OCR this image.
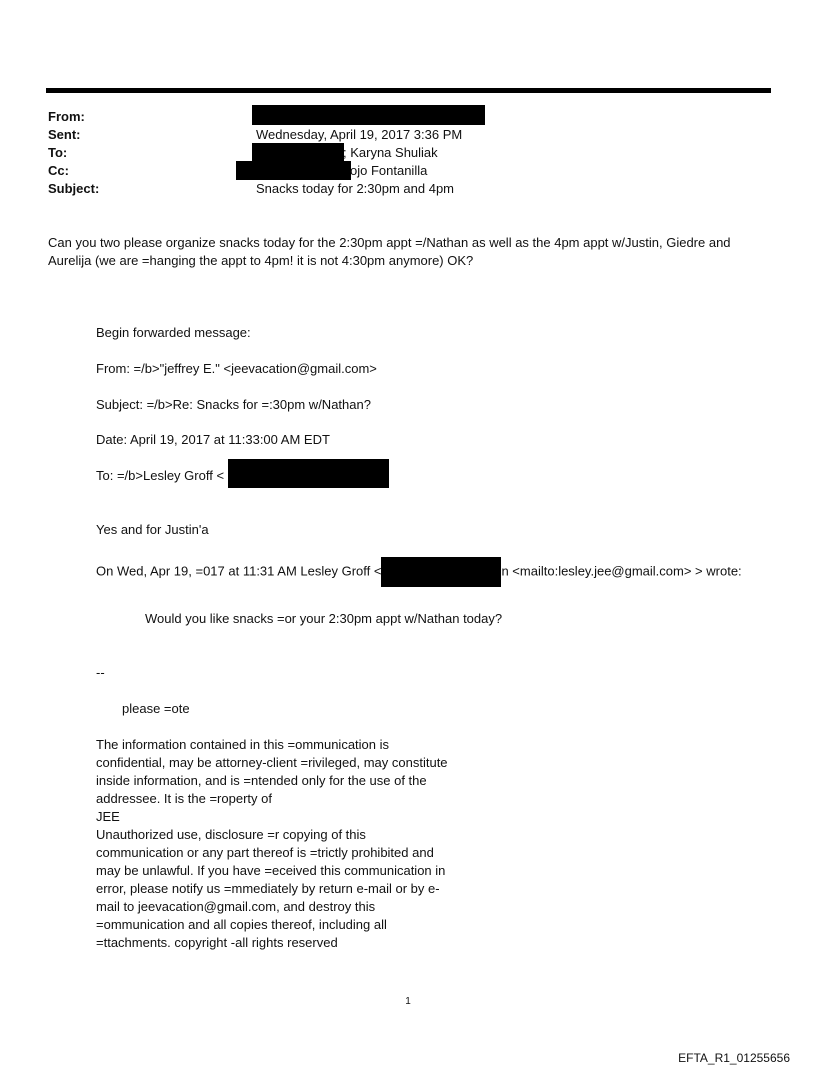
From:
Sent:	Wednesday, April 19, 2017 3:36 PM
To:	; Karyna Shuliak
Cc:	ojo Fontanilla
Subject:	Snacks today for 2:30pm and 4pm
Can you two please organize snacks today for the 2:30pm appt =/Nathan as well as the 4pm appt w/Justin, Giedre and Aurelija (we are =hanging the appt to 4pm! it is not 4:30pm anymore) OK?
Begin forwarded message:
From: =/b>"jeffrey E." <jeevacation@gmail.com>
Subject: =/b>Re: Snacks for =:30pm w/Nathan?
Date: April 19, 2017 at 11:33:00 AM EDT
To: =/b>Lesley Groff <
Yes and for Justin'a
On Wed, Apr 19, =017 at 11:31 AM Lesley Groff <	n <mailto:lesley.jee@gmail.com> > wrote:
Would you like snacks =or your 2:30pm appt w/Nathan today?
--
please =ote

The information contained in this =ommunication is confidential, may be attorney-client =rivileged, may constitute inside information, and is =ntended only for the use of the addressee. It is the =roperty of

JEE

Unauthorized use, disclosure =r copying of this communication or any part thereof is =trictly prohibited and may be unlawful. If you have =eceived this communication in error, please notify us =mmediately by return e-mail or by e-mail to jeevacation@gmail.com, and destroy this =ommunication and all copies thereof, including all =ttachments. copyright -all rights reserved

1
EFTA_R1_01255656
